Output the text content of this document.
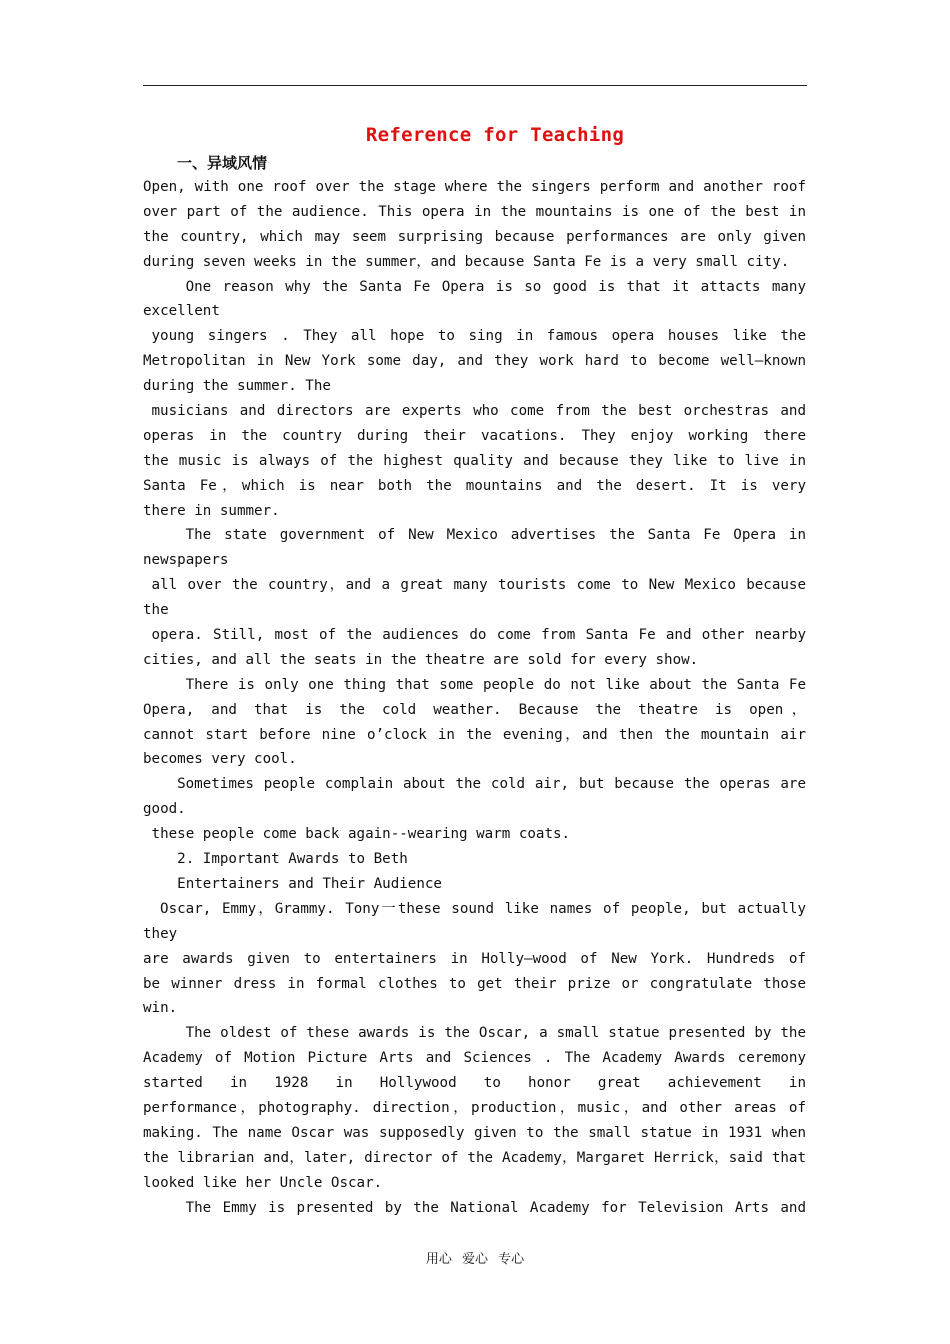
Reference for Teaching
一、异域风情
Open, with one roof over the stage where the singers perform and another roof
over part of the audience. This opera in the mountains is one of the best in
the country, which may seem surprising because performances are only given
during seven weeks in the summer，and because Santa Fe is a very small city.
One reason why the Santa Fe Opera is so good is that it attacts many
excellent
young singers . They all hope to sing in famous opera houses like the
Metropolitan in New York some day, and they work hard to become well—known
during the summer. The
musicians and directors are experts who come from the best orchestras and
operas in the country during their vacations. They enjoy working there
the music is always of the highest quality and because they like to live in
Santa Fe，which is near both the mountains and the desert. It is very
there in summer.
The state government of New Mexico advertises the Santa Fe Opera in
newspapers
all over the country，and a great many tourists come to New Mexico because
the
opera. Still, most of the audiences do come from Santa Fe and other nearby
cities, and all the seats in the theatre are sold for every show.
There is only one thing that some people do not like about the Santa Fe
Opera, and that is the cold weather. Because the theatre is open，
cannot start before nine o’clock in the evening，and then the mountain air
becomes very cool.
Sometimes people complain about the cold air, but because the operas are
good.
these people come back again--wearing warm coats.
2. Important Awards to Beth
Entertainers and Their Audience
Oscar, Emmy，Grammy. Tony一these sound like names of people, but actually
they
are awards given to entertainers in Holly—wood of New York. Hundreds of
be winner dress in formal clothes to get their prize or congratulate those
win.
The oldest of these awards is the Oscar, a small statue presented by the
Academy of Motion Picture Arts and Sciences . The Academy Awards ceremony
started in 1928 in Hollywood to honor great achievement in
performance，photography. direction，production，music，and other areas of
making. The name Oscar was supposedly given to the small statue in 1931 when
the librarian and，later, director of the Academy，Margaret Herrick，said that
looked like her Uncle Oscar.
The Emmy is presented by the National Academy for Television Arts and
用心 爱心 专心
